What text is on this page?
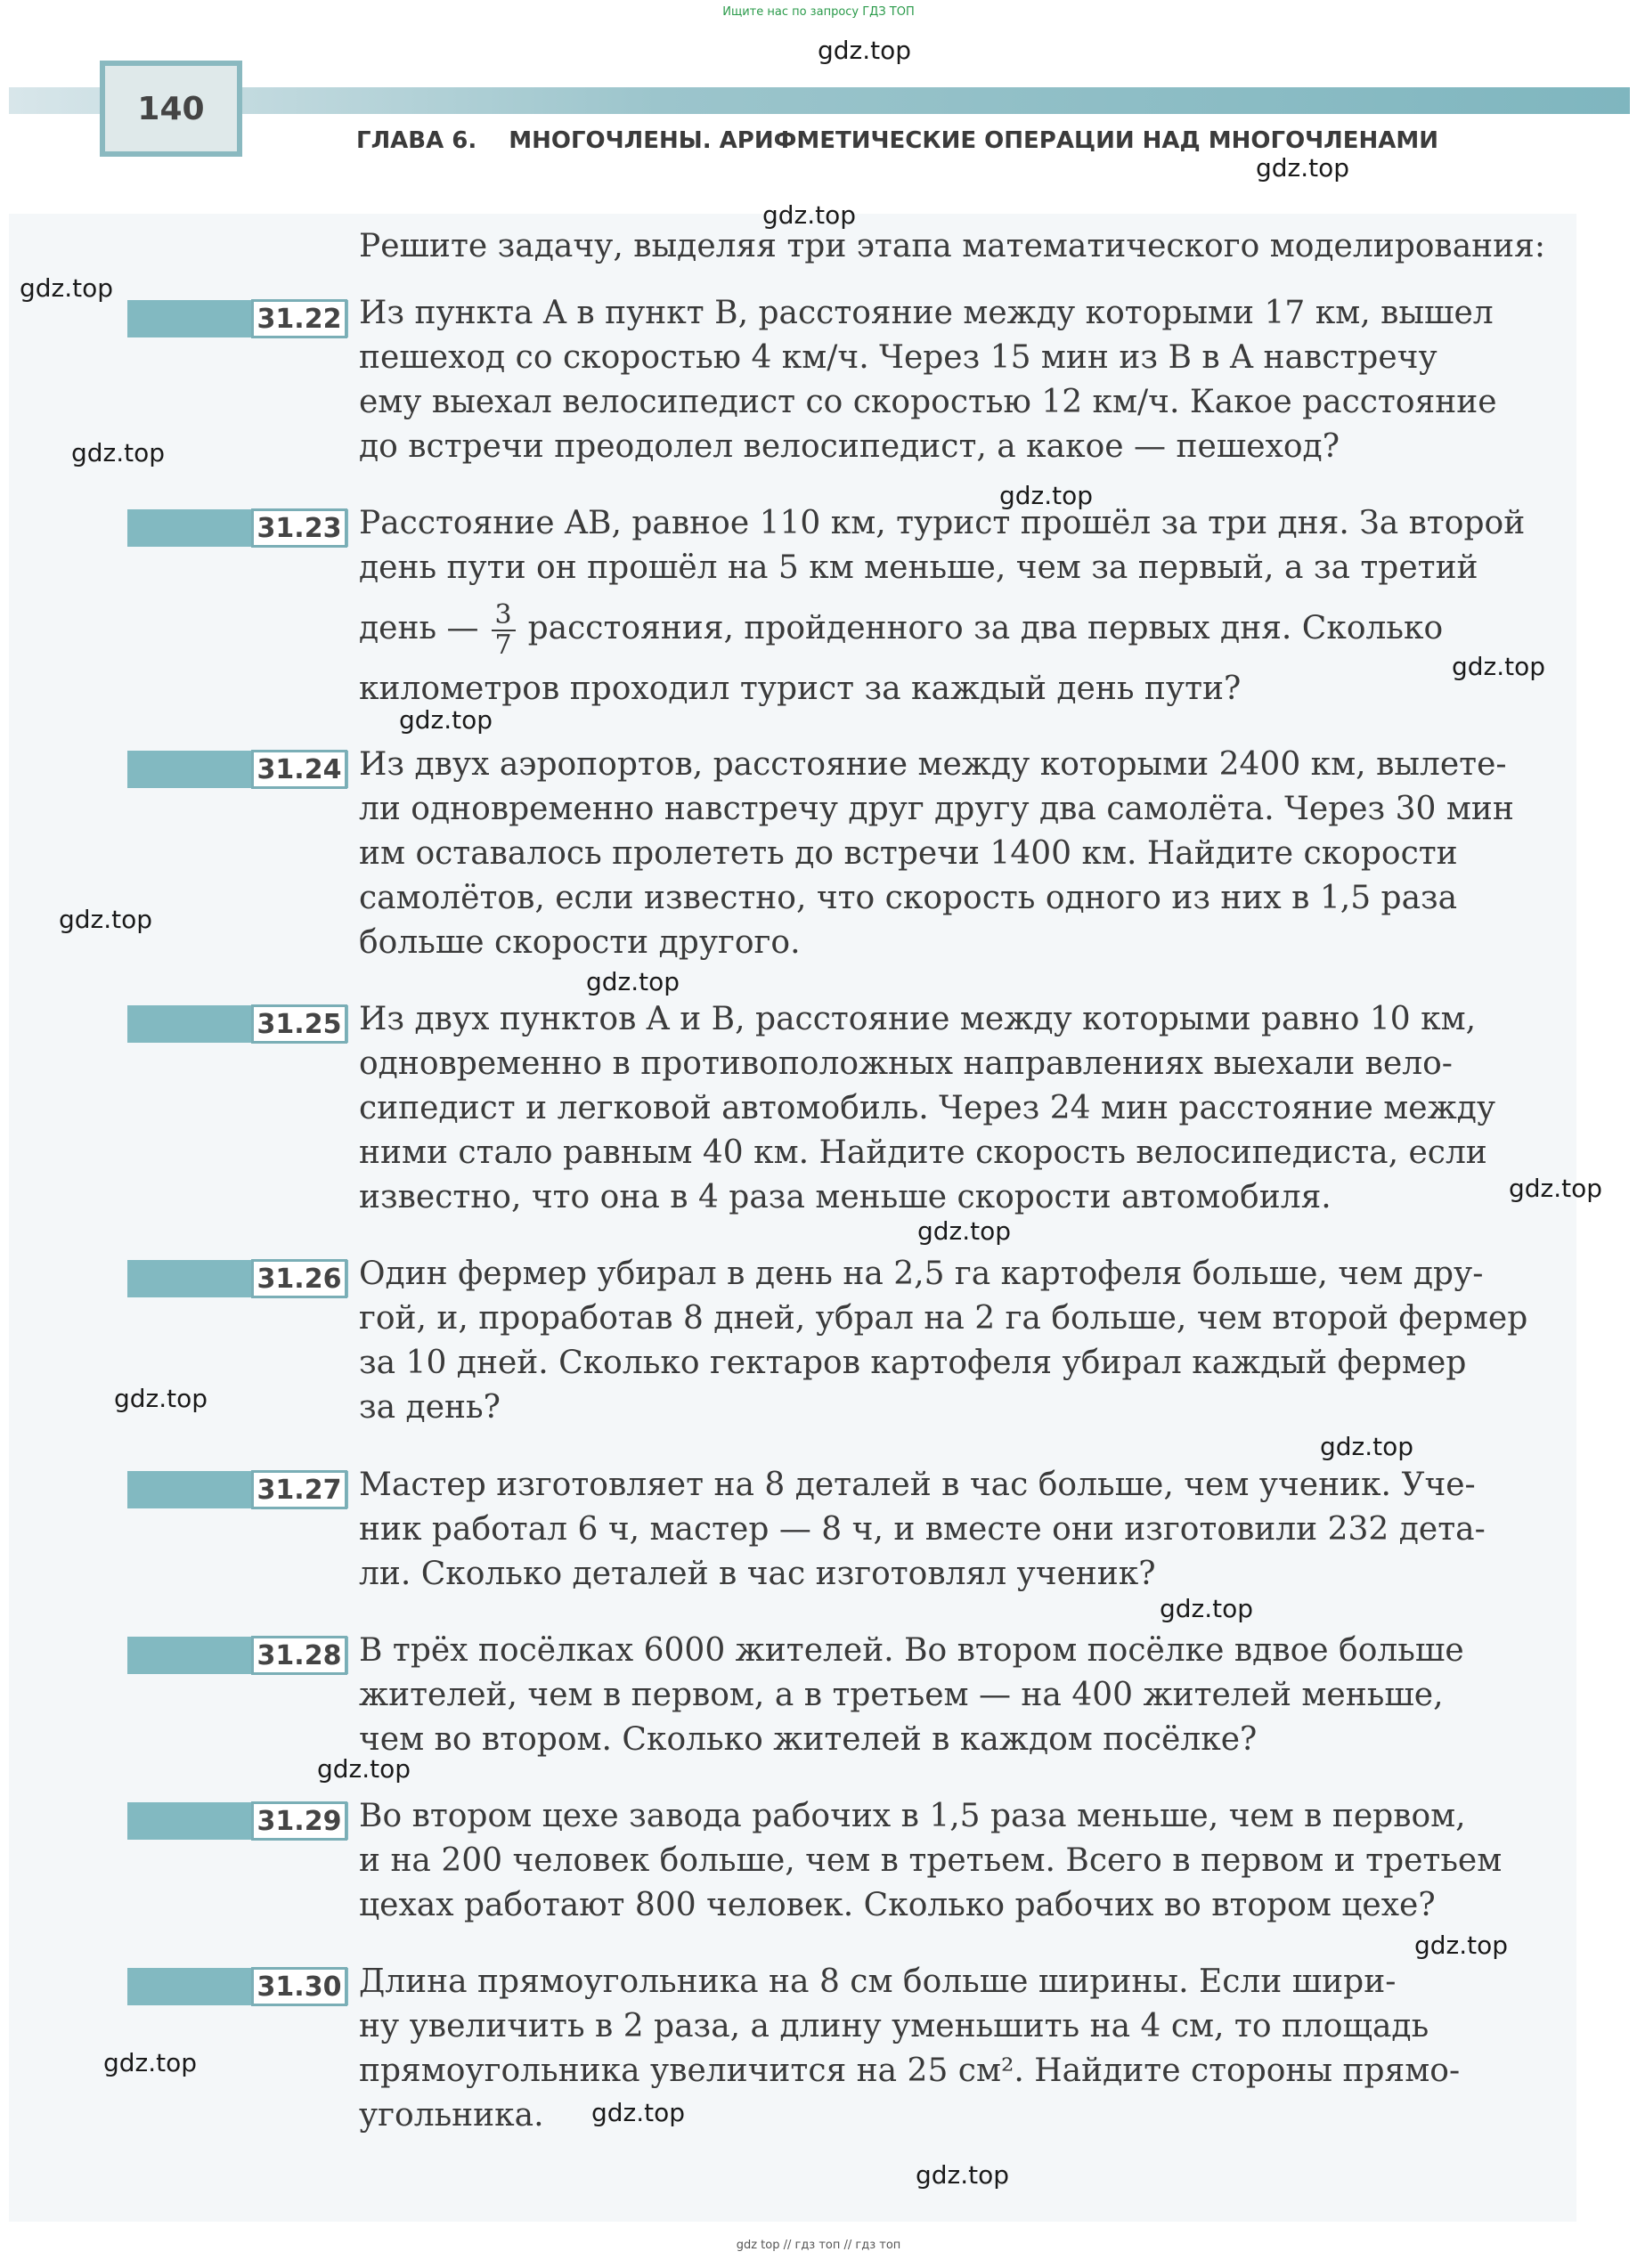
Ищите нас по запросу ГДЗ ТОП
140
ГЛАВА 6. МНОГОЧЛЕНЫ. АРИФМЕТИЧЕСКИЕ ОПЕРАЦИИ НАД МНОГОЧЛЕНАМИ
Решите задачу, выделяя три этапа математического моделирования:
31.22 Из пункта A в пункт B, расстояние между которыми 17 км, вышел
пешеход со скоростью 4 км/ч. Через 15 мин из B в A навстречу
ему выехал велосипедист со скоростью 12 км/ч. Какое расстояние
до встречи преодолел велосипедист, а какое — пешеход?
31.23 Расстояние AB, равное 110 км, турист прошёл за три дня. За второй
день пути он прошёл на 5 км меньше, чем за первый, а за третий
день — $\frac{3}{7}$ расстояния, пройденного за два первых дня. Сколько
километров проходил турист за каждый день пути?
31.24 Из двух аэропортов, расстояние между которыми 2400 км, вылете-
ли одновременно навстречу друг другу два самолёта. Через 30 мин
им оставалось пролететь до встречи 1400 км. Найдите скорости
самолётов, если известно, что скорость одного из них в 1,5 раза
больше скорости другого.
31.25 Из двух пунктов A и B, расстояние между которыми равно 10 км,
одновременно в противоположных направлениях выехали вело-
сипедист и легковой автомобиль. Через 24 мин расстояние между
ними стало равным 40 км. Найдите скорость велосипедиста, если
известно, что она в 4 раза меньше скорости автомобиля.
31.26 Один фермер убирал в день на 2,5 га картофеля больше, чем дру-
гой, и, проработав 8 дней, убрал на 2 га больше, чем второй фермер
за 10 дней. Сколько гектаров картофеля убирал каждый фермер
за день?
31.27 Мастер изготовляет на 8 деталей в час больше, чем ученик. Уче-
ник работал 6 ч, мастер — 8 ч, и вместе они изготовили 232 дета-
ли. Сколько деталей в час изготовлял ученик?
31.28 В трёх посёлках 6000 жителей. Во втором посёлке вдвое больше
жителей, чем в первом, а в третьем — на 400 жителей меньше,
чем во втором. Сколько жителей в каждом посёлке?
31.29 Во втором цехе завода рабочих в 1,5 раза меньше, чем в первом,
и на 200 человек больше, чем в третьем. Всего в первом и третьем
цехах работают 800 человек. Сколько рабочих во втором цехе?
31.30 Длина прямоугольника на 8 см больше ширины. Если шири-
ну увеличить в 2 раза, а длину уменьшить на 4 см, то площадь
прямоугольника увеличится на 25 см². Найдите стороны прямо-
угольника.
gdz.top
gdz.top
gdz.top
gdz.top
gdz.top
gdz.top
gdz.top
gdz.top
gdz.top
gdz.top
gdz.top
gdz.top
gdz.top
gdz.top
gdz.top
gdz.top
gdz.top
gdz.top
gdz.top
gdz.top
gdz top // гдз топ // гдз топ
